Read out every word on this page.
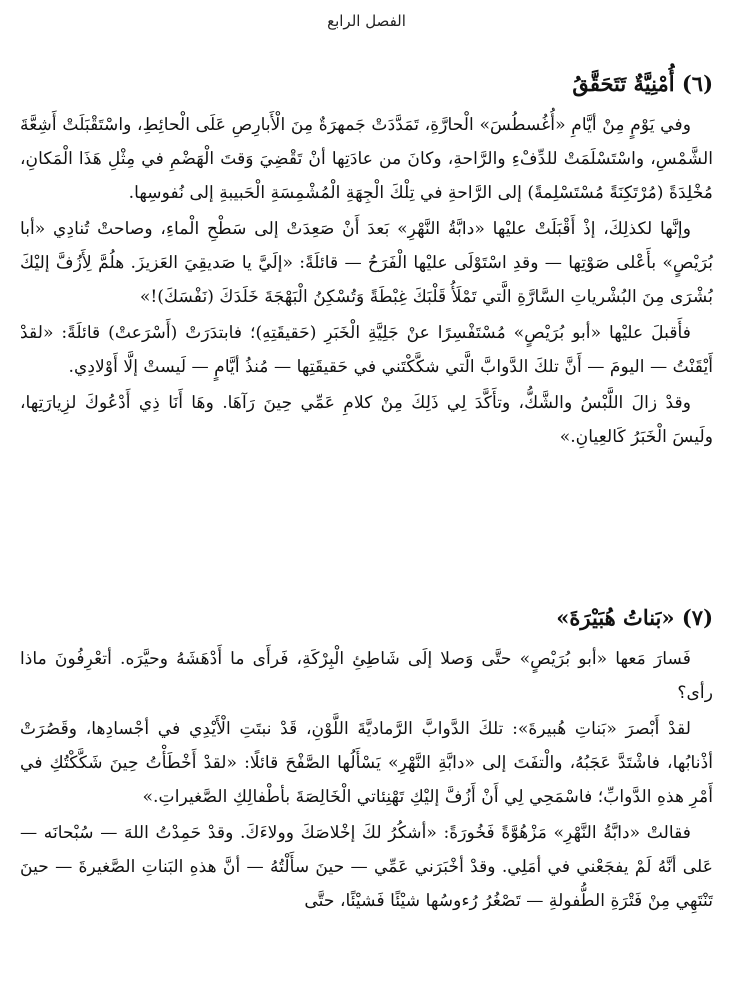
الفصل الرابع
(٦) أُمْنِيَّةٌ تَتَحَقَّقُ

وفي يَوْمٍ مِنْ أيَّامِ «أُغُسطُسَ» الْحارَّةِ، تَمَدَّدَتْ جَمهرَةٌ مِنَ الْأَبارِصِ عَلَى الْحائِطِ، واسْتَقْبَلَتْ أَشِعَّةَ الشَّمْسِ، واسْتَسْلَمَتْ للدِّفْءِ والرَّاحةِ، وكانَ من عادَتِها أنْ تَقْضِيَ وَقتَ الْهَضْمِ في مِثْلِ هَذَا الْمَكانِ، مُخْلِدَةً (مُرْتَكِنَةً مُسْتَسْلِمةً) إلى الرَّاحةِ في تِلْكَ الْجِهَةِ الْمُشْمِسَةِ الْحَبيبةِ إلى نُفوسِها.

وإنَّها لكذلِكَ، إذْ أَقْبَلَتْ عليْها «دابَّةُ النَّهْرِ» بَعدَ أَنْ صَعِدَتْ إلى سَطْحِ الْماءِ، وصاحتْ تُنادِي «أبا بُرَيْصٍ» بأَعْلى صَوْتِها — وقدِ اسْتَوْلَى عليْها الْفَرَحُ — قائلَةً: «إلَيَّ يا صَديقِيَ العَزيزَ. هلُمَّ لِأَزُفَّ إليْكَ بُشْرَى مِنَ البُشْرياتِ السَّارَّةِ الَّتي تَمْلَأُ قَلْبَكَ غِبْطَةً وَتُسْكِنُ الْبَهْجَةَ خَلَدَكَ (نَفْسَكَ)!»

فأَقبلَ عليْها «أبو بُرَيْصٍ» مُسْتَفْسِرًا عنْ جَلِيَّةِ الْخَبَرِ (حَقيقَتِهِ)؛ فابتدَرَتْ (أَسْرَعتْ) قائلَةً: «لقدْ أَيْقَنْتُ — اليومَ — أَنَّ تلكَ الدَّوابَّ الَّتي شكَّكْتَني في حَقيقَتِها — مُنذُ أيَّامٍ — لَيستْ إلَّا أَوْلادِي.

وقدْ زالَ اللَّبْسُ والشَّكُّ، وتأَكَّدَ لِي ذَلِكَ مِنْ كلامِ عَمِّي حِينَ رَآهَا. وهَا أَنَا ذِي أَدْعُوكَ لزِيارَتِها، ولَيسَ الْخَبَرُ كَالعِيانِ.»

(٧) «بَناتُ هُبَيْرَةَ»

فَسارَ مَعها «أبو بُرَيْصٍ» حتَّى وَصلا إلَى شَاطِئِ الْبِرْكَةِ، فَرأَى ما أَدْهَشَهُ وحيَّرَه. أتعْرِفُونَ ماذا رأى؟

لقدْ أَبْصرَ «بَناتِ هُبيرةَ»: تلكَ الدَّوابَّ الرَّماديَّةَ اللَّوْنِ، قَدْ نبتَتِ الْأَيْدِي في أجْسادِها، وقَصُرَتْ أذْنابُها، فاشْتَدَّ عَجَبُهُ، والْتفَتَ إلى «دابَّةِ النَّهْرِ» يَسْأَلُها الصَّفْحَ قائلًا: «لقدْ أَخْطَأْتُ حِينَ شَكَّكْتُكِ في أَمْرِ هذهِ الدَّوابِّ؛ فاسْمَحِي لِي أَنْ أَزُفَّ إليْكِ تَهْنِئاتي الْخَالِصَةَ بأطْفالِكِ الصَّغيراتِ.»

فقالتْ «دابَّةُ النَّهْرِ» مَزْهُوَّةً فَخُورَةً: «أشكُرُ لكَ إخْلاصَكَ وولاءَكَ. وقدْ حَمِدْتُ اللهَ — سُبْحانَه — عَلى أنَّهُ لَمْ يفجَعْني في أمَلِي. وقدْ أخْبَرَني عَمِّي — حينَ سأَلْتُهُ — أنَّ هذهِ البَناتِ الصَّغيرةَ — حينَ تَنْتَهِي مِنْ فَتْرَةِ الطُّفولةِ — تَصْغُرُ رُءوسُها شيْئًا فَشيْئًا، حتَّى
